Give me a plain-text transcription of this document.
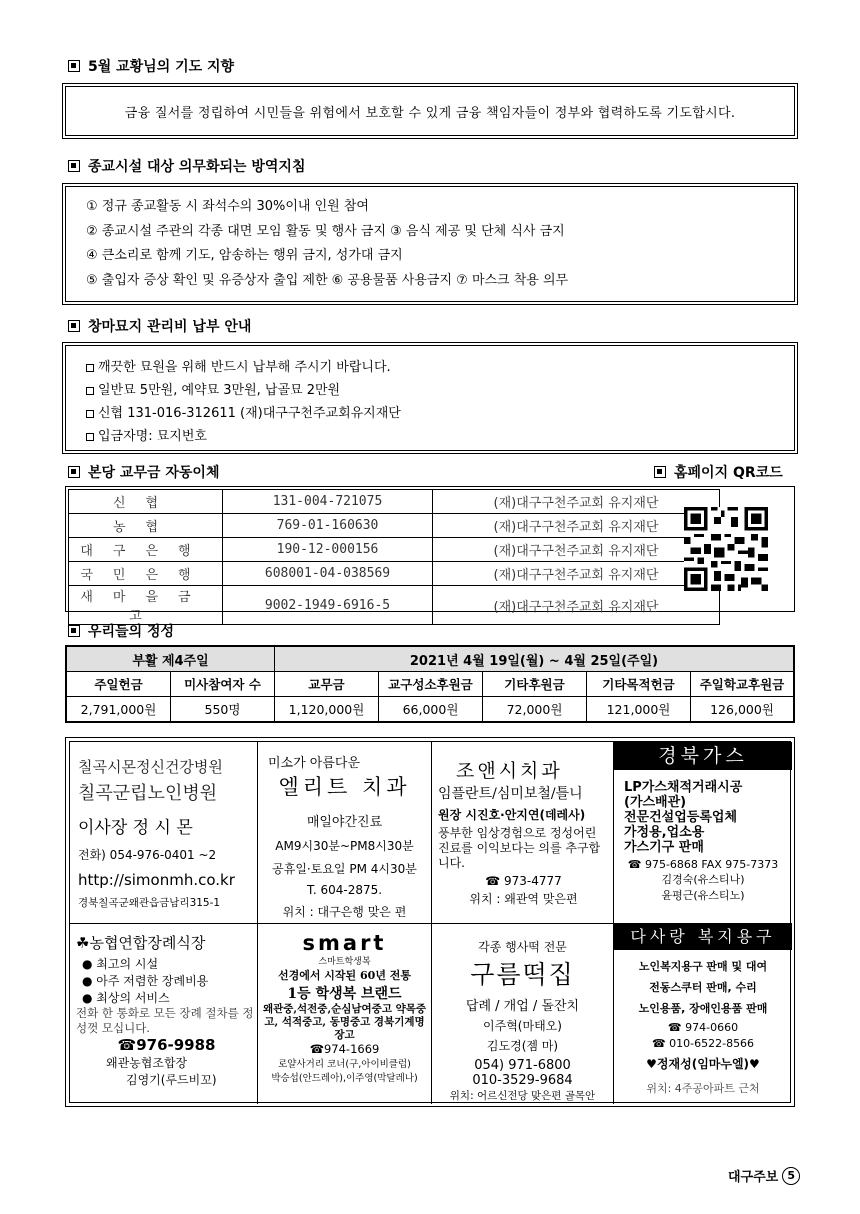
5월 교황님의 기도 지향
금융 질서를 정립하여 시민들을 위험에서 보호할 수 있게 금융 책임자들이 정부와 협력하도록 기도합시다.
종교시설 대상 의무화되는 방역지침
① 정규 종교활동 시 좌석수의 30%이내 인원 참여
② 종교시설 주관의 각종 대면 모임 활동 및 행사 금지 ③ 음식 제공 및 단체 식사 금지
④ 큰소리로 함께 기도, 암송하는 행위 금지, 성가대 금지
⑤ 출입자 증상 확인 및 유증상자 출입 제한 ⑥ 공용물품 사용금지 ⑦ 마스크 착용 의무
창마묘지 관리비 납부 안내
깨끗한 묘원을 위해 반드시 납부해 주시기 바랍니다.
일반묘 5만원, 예약묘 3만원, 납골묘 2만원
신협 131-016-312611 (재)대구구천주교회유지재단
입금자명: 묘지번호
본당 교무금 자동이체	홈페이지 QR코드
신협	131-004-721075	(재)대구구천주교회 유지재단
농협	769-01-160630	(재)대구구천주교회 유지재단
대구은행	190-12-000156	(재)대구구천주교회 유지재단
국민은행	608001-04-038569	(재)대구구천주교회 유지재단
새마을금고	9002-1949-6916-5	(재)대구구천주교회 유지재단
우리들의 정성
부활 제4주일		2021년 4월 19일(월) ~ 4월 25일(주일)				
주일헌금	미사참여자 수	교무금	교구성소후원금	기타후원금	기타목적헌금	주일학교후원금
2,791,000원	550명	1,120,000원	66,000원	72,000원	121,000원	126,000원
칠곡시몬정신건강병원
칠곡군립노인병원
이사장 정 시 몬
전화) 054-976-0401 ~2
http://simonmh.co.kr
경북칠곡군왜관읍금남리315-1
미소가 아름다운
엘리트 치과
매일야간진료
AM9시30분~PM8시30분
공휴일·토요일 PM 4시30분
T. 604-2875.
위치 : 대구은행 맞은 편
조앤시치과
임플란트/심미보철/틀니
원장 시진호·안지연(데레사)
풍부한 임상경험으로 정성어린 진료를 이익보다는 의를 추구합니다.
☎ 973-4777
위치 : 왜관역 맞은편
경북가스
LP가스채적거래시공
(가스배관)
전문건설업등록업체
가정용,업소용
가스기구 판매
☎ 975-6868 FAX 975-7373
김경숙(유스티나)
윤평근(유스티노)
☘농협연합장례식장
● 최고의 시설
● 아주 저렴한 장례비용
● 최상의 서비스
전화 한 통화로 모든 장례 절차를 정성껏 모십니다.
☎976-9988
왜관농협조합장
김영기(루드비꼬)
smart
스마트학생복
선경에서 시작된 60년 전통
1등 학생복 브랜드
왜관중,석전중,순심남여중고 약목중고, 석적중고, 동명중고 경북기계명장고
☎974-1669
로얄사거리 코너(구,아이비클럽)
박승섭(안드레아),이주영(막달레나)
각종 행사떡 전문
구름떡집
답례 / 개업 / 돌잔치
이주혁(마태오)
김도경(젬 마)
054) 971-6800
010-3529-9684
위치: 어르신전당 맞은편 골목안
다사랑 복지용구
노인복지용구 판매 및 대여
전동스쿠터 판매, 수리
노인용품, 장애인용품 판매
☎ 974-0660
☎ 010-6522-8566
♥정재성(임마누엘)♥
위치: 4주공아파트 근처
대구주보 5
